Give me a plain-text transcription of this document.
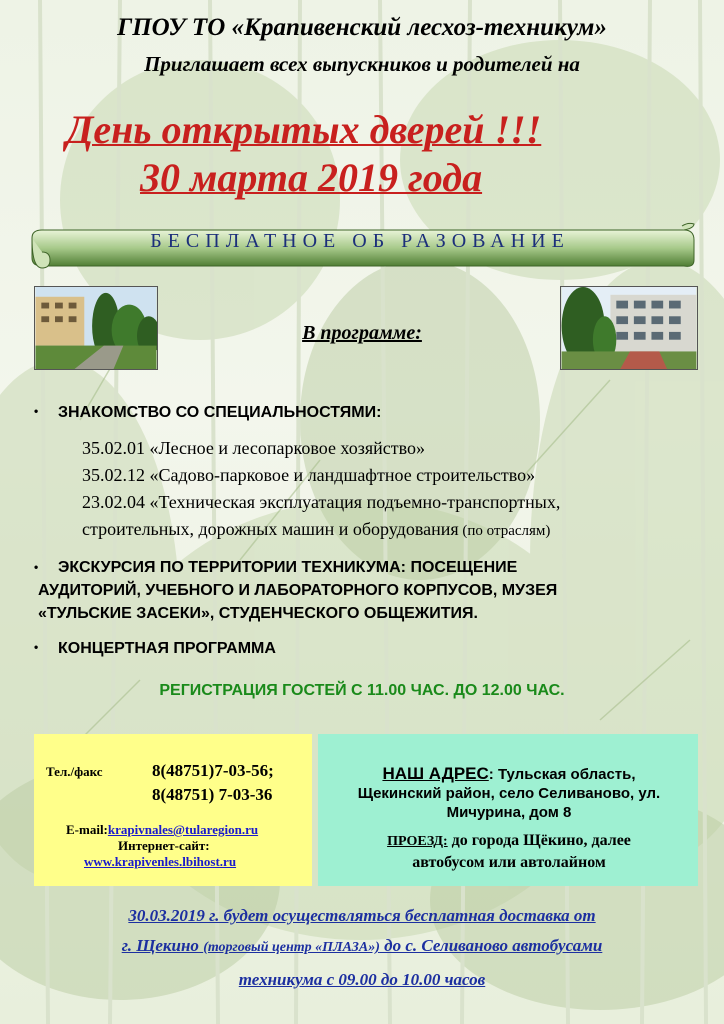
ГПОУ ТО «Крапивенский лесхоз-техникум»
Приглашает всех выпускников и родителей на
День открытых дверей !!!
30 марта 2019 года
БЕСПЛАТНОЕ ОБ РАЗОВАНИЕ
В программе:
• ЗНАКОМСТВО СО СПЕЦИАЛЬНОСТЯМИ:
35.02.01 «Лесное и лесопарковое хозяйство»
35.02.12 «Садово-парковое и ландшафтное строительство»
23.02.04 «Техническая эксплуатация подъемно-транспортных,
строительных, дорожных машин и оборудования (по отраслям)
• ЭКСКУРСИЯ ПО ТЕРРИТОРИИ ТЕХНИКУМА: ПОСЕЩЕНИЕ
АУДИТОРИЙ, УЧЕБНОГО И ЛАБОРАТОРНОГО КОРПУСОВ, МУЗЕЯ
«ТУЛЬСКИЕ ЗАСЕКИ», СТУДЕНЧЕСКОГО ОБЩЕЖИТИЯ.
• КОНЦЕРТНАЯ ПРОГРАММА
РЕГИСТРАЦИЯ ГОСТЕЙ С 11.00 ЧАС. ДО 12.00 ЧАС.
Тел./факс	8(48751)7-03-56;
8(48751) 7-03-36
E-mail:krapivnales@tularegion.ru
Интернет-сайт:
www.krapivenles.lbihost.ru
НАШ АДРЕС: Тульская область,
Щекинский район, село Селиваново, ул.
Мичурина, дом 8
ПРОЕЗД: до города Щёкино, далее
автобусом или автолайном
30.03.2019 г. будет осуществляться бесплатная доставка от
г. Щекино (торговый центр «ПЛАЗА») до с. Селиваново автобусами
техникума с 09.00 до 10.00 часов
